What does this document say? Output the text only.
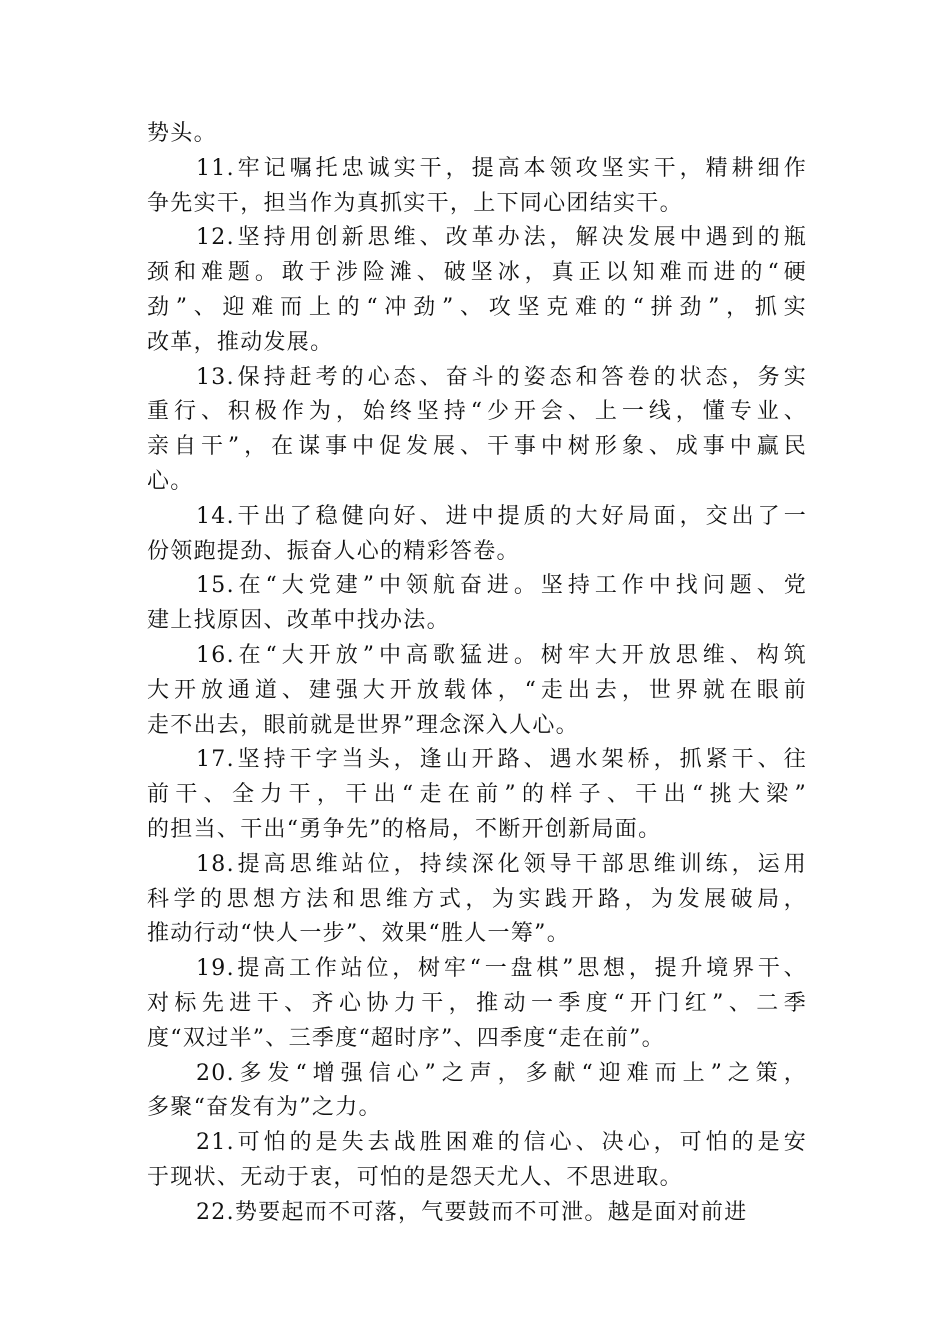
势头。
11.牢记嘱托忠诚实干，提高本领攻坚实干，精耕细作
争先实干，担当作为真抓实干，上下同心团结实干。
12.坚持用创新思维、改革办法，解决发展中遇到的瓶
颈和难题。敢于涉险滩、破坚冰，真正以知难而进的“硬
劲”、迎难而上的“冲劲”、攻坚克难的“拼劲”，抓实
改革，推动发展。
13.保持赶考的心态、奋斗的姿态和答卷的状态，务实
重行、积极作为，始终坚持“少开会、上一线，懂专业、
亲自干”，在谋事中促发展、干事中树形象、成事中赢民
心。
14.干出了稳健向好、进中提质的大好局面，交出了一
份领跑提劲、振奋人心的精彩答卷。
15.在“大党建”中领航奋进。坚持工作中找问题、党
建上找原因、改革中找办法。
16.在“大开放”中高歌猛进。树牢大开放思维、构筑
大开放通道、建强大开放载体，“走出去，世界就在眼前
走不出去，眼前就是世界”理念深入人心。
17.坚持干字当头，逢山开路、遇水架桥，抓紧干、往
前干、全力干，干出“走在前”的样子、干出“挑大梁”
的担当、干出“勇争先”的格局，不断开创新局面。
18.提高思维站位，持续深化领导干部思维训练，运用
科学的思想方法和思维方式，为实践开路，为发展破局，
推动行动“快人一步”、效果“胜人一筹”。
19.提高工作站位，树牢“一盘棋”思想，提升境界干、
对标先进干、齐心协力干，推动一季度“开门红”、二季
度“双过半”、三季度“超时序”、四季度“走在前”。
20.多发“增强信心”之声，多献“迎难而上”之策，
多聚“奋发有为”之力。
21.可怕的是失去战胜困难的信心、决心，可怕的是安
于现状、无动于衷，可怕的是怨天尤人、不思进取。
22.势要起而不可落，气要鼓而不可泄。越是面对前进
